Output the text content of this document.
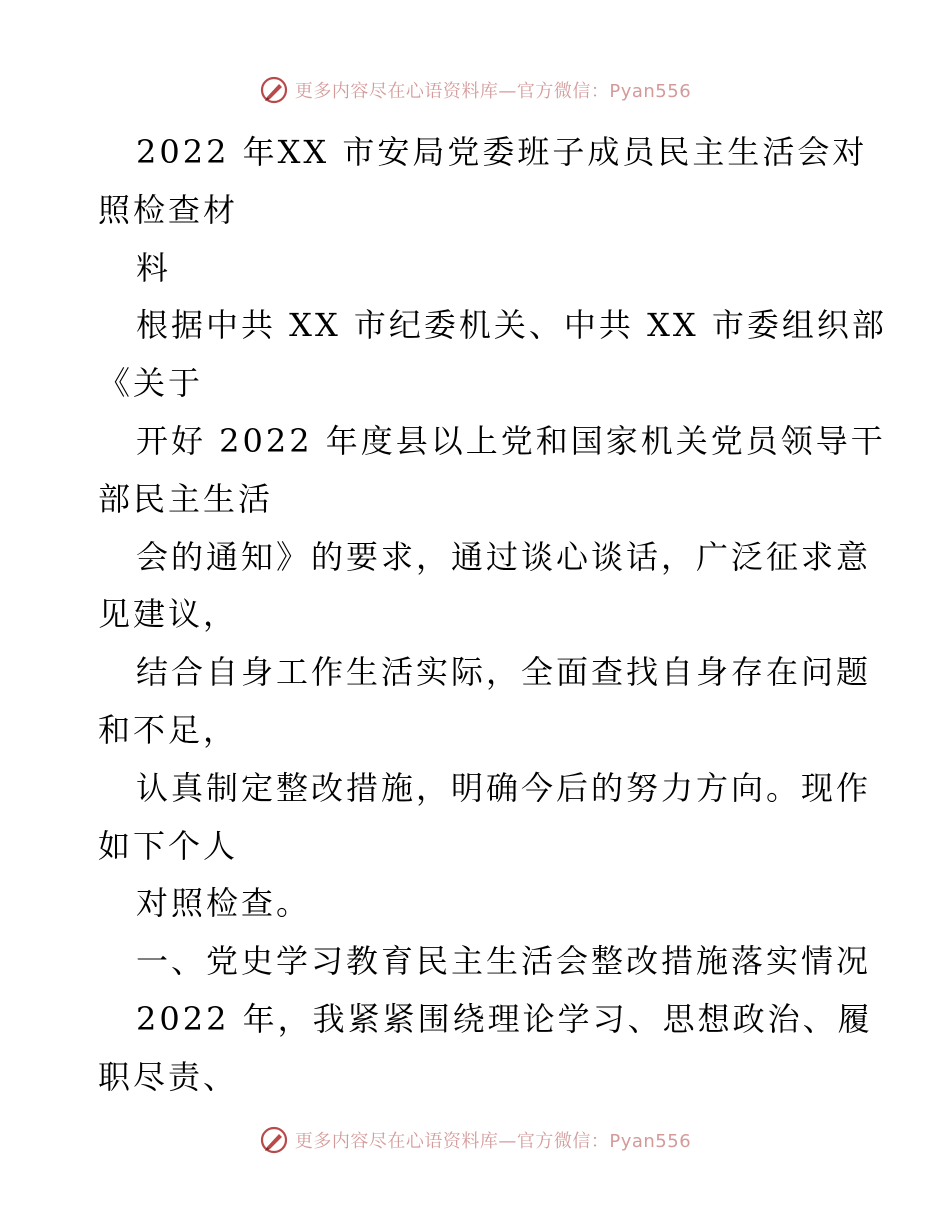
更多内容尽在心语资料库—官方微信：Pyan556
2022 年XX 市安局党委班子成员民主生活会对
照检查材
料
根据中共 XX 市纪委机关、中共 XX 市委组织部
《关于
开好 2022 年度县以上党和国家机关党员领导干
部民主生活
会的通知》的要求，通过谈心谈话，广泛征求意
见建议，
结合自身工作生活实际，全面查找自身存在问题
和不足，
认真制定整改措施，明确今后的努力方向。现作
如下个人
对照检查。
一、党史学习教育民主生活会整改措施落实情况
2022 年，我紧紧围绕理论学习、思想政治、履
职尽责、
更多内容尽在心语资料库—官方微信：Pyan556
